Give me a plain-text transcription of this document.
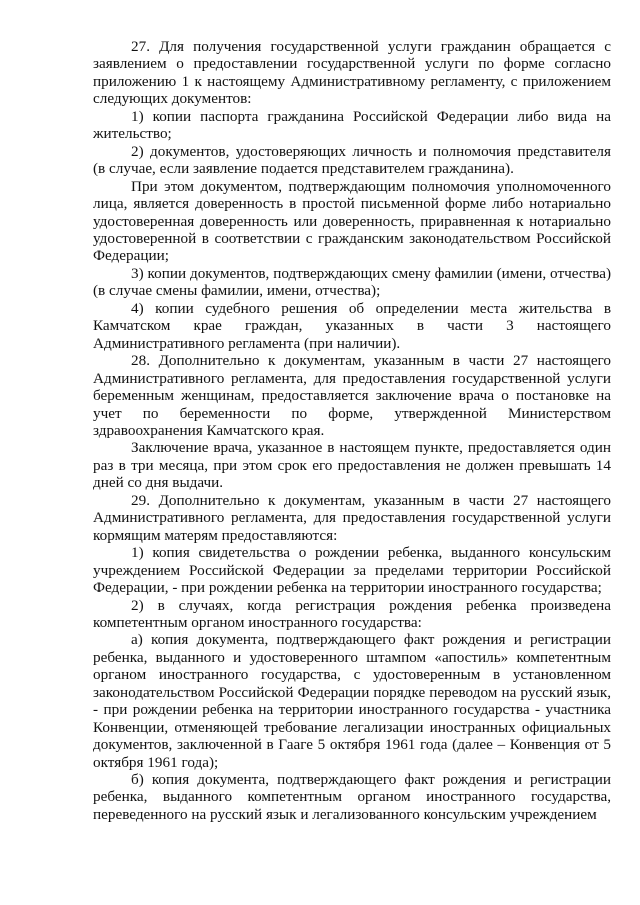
27. Для получения государственной услуги гражданин обращается с заявлением о предоставлении государственной услуги по форме согласно приложению 1 к настоящему Административному регламенту, с приложением следующих документов:

1) копии паспорта гражданина Российской Федерации либо вида на жительство;

2) документов, удостоверяющих личность и полномочия представителя (в случае, если заявление подается представителем гражданина).

При этом документом, подтверждающим полномочия уполномоченного лица, является доверенность в простой письменной форме либо нотариально удостоверенная доверенность или доверенность, приравненная к нотариально удостоверенной в соответствии с гражданским законодательством Российской Федерации;

3) копии документов, подтверждающих смену фамилии (имени, отчества) (в случае смены фамилии, имени, отчества);

4) копии судебного решения об определении места жительства в Камчатском крае граждан, указанных в части 3 настоящего Административного регламента (при наличии).

28. Дополнительно к документам, указанным в части 27 настоящего Административного регламента, для предоставления государственной услуги беременным женщинам, предоставляется заключение врача о постановке на учет по беременности по форме, утвержденной Министерством здравоохранения Камчатского края.

Заключение врача, указанное в настоящем пункте, предоставляется один раз в три месяца, при этом срок его предоставления не должен превышать 14 дней со дня выдачи.

29. Дополнительно к документам, указанным в части 27 настоящего Административного регламента, для предоставления государственной услуги кормящим матерям предоставляются:

1) копия свидетельства о рождении ребенка, выданного консульским учреждением Российской Федерации за пределами территории Российской Федерации, - при рождении ребенка на территории иностранного государства;

2) в случаях, когда регистрация рождения ребенка произведена компетентным органом иностранного государства:

а) копия документа, подтверждающего факт рождения и регистрации ребенка, выданного и удостоверенного штампом «апостиль» компетентным органом иностранного государства, с удостоверенным в установленном законодательством Российской Федерации порядке переводом на русский язык, - при рождении ребенка на территории иностранного государства - участника Конвенции, отменяющей требование легализации иностранных официальных документов, заключенной в Гааге 5 октября 1961 года (далее – Конвенция от 5 октября 1961 года);

б) копия документа, подтверждающего факт рождения и регистрации ребенка, выданного компетентным органом иностранного государства, переведенного на русский язык и легализованного консульским учреждением
